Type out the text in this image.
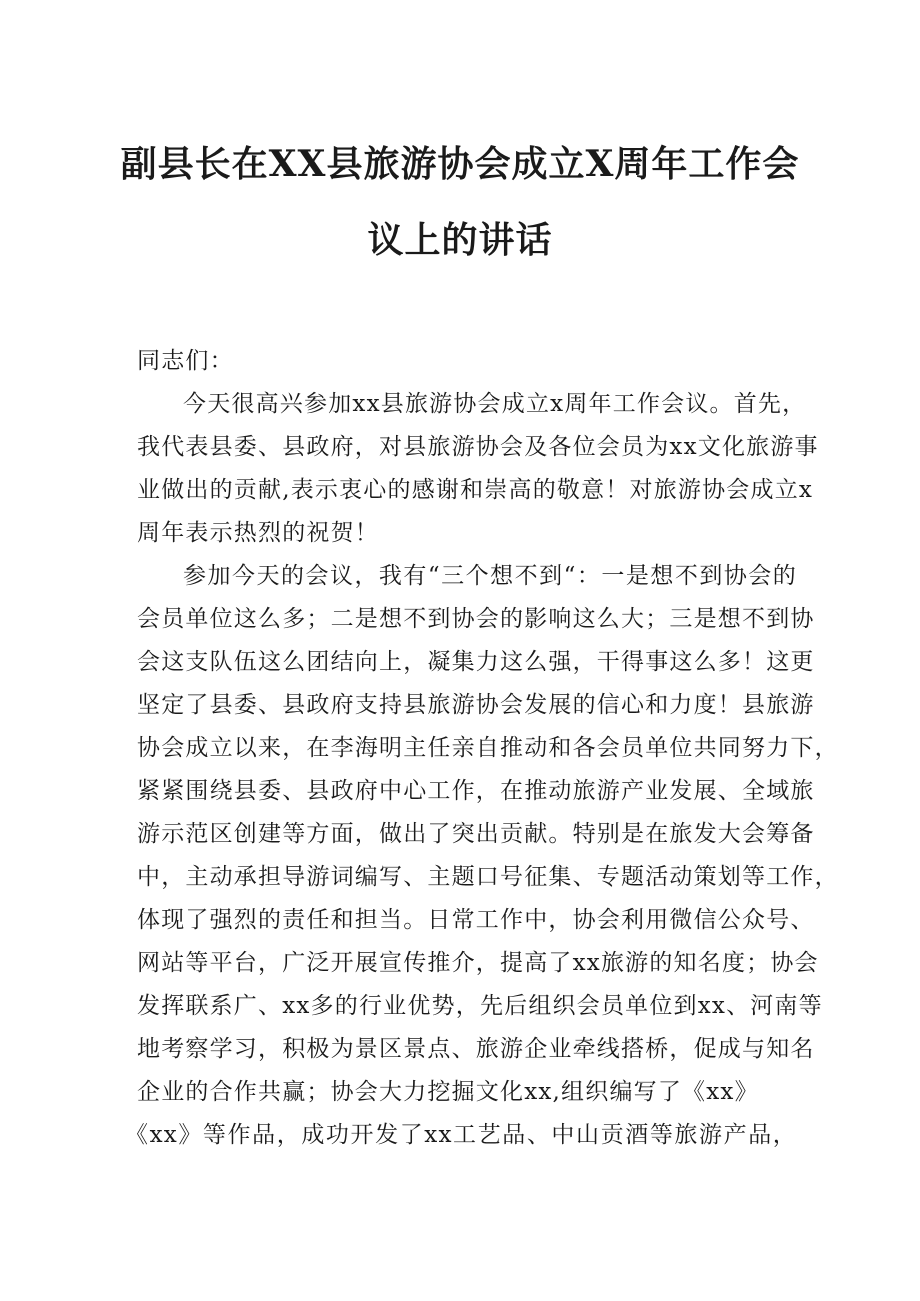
副县长在XX县旅游协会成立X周年工作会
议上的讲话
同志们：
今天很高兴参加xx县旅游协会成立x周年工作会议。首先，
我代表县委、县政府，对县旅游协会及各位会员为xx文化旅游事
业做出的贡献,表示衷心的感谢和崇高的敬意！对旅游协会成立x
周年表示热烈的祝贺！
参加今天的会议，我有“三个想不到“：一是想不到协会的
会员单位这么多；二是想不到协会的影响这么大；三是想不到协
会这支队伍这么团结向上，凝集力这么强，干得事这么多！这更
坚定了县委、县政府支持县旅游协会发展的信心和力度！县旅游
协会成立以来，在李海明主任亲自推动和各会员单位共同努力下，
紧紧围绕县委、县政府中心工作，在推动旅游产业发展、全域旅
游示范区创建等方面，做出了突出贡献。特别是在旅发大会筹备
中，主动承担导游词编写、主题口号征集、专题活动策划等工作，
体现了强烈的责任和担当。日常工作中，协会利用微信公众号、
网站等平台，广泛开展宣传推介，提高了xx旅游的知名度；协会
发挥联系广、xx多的行业优势，先后组织会员单位到xx、河南等
地考察学习，积极为景区景点、旅游企业牵线搭桥，促成与知名
企业的合作共赢；协会大力挖掘文化xx,组织编写了《xx》
《xx》等作品，成功开发了xx工艺品、中山贡酒等旅游产品，
